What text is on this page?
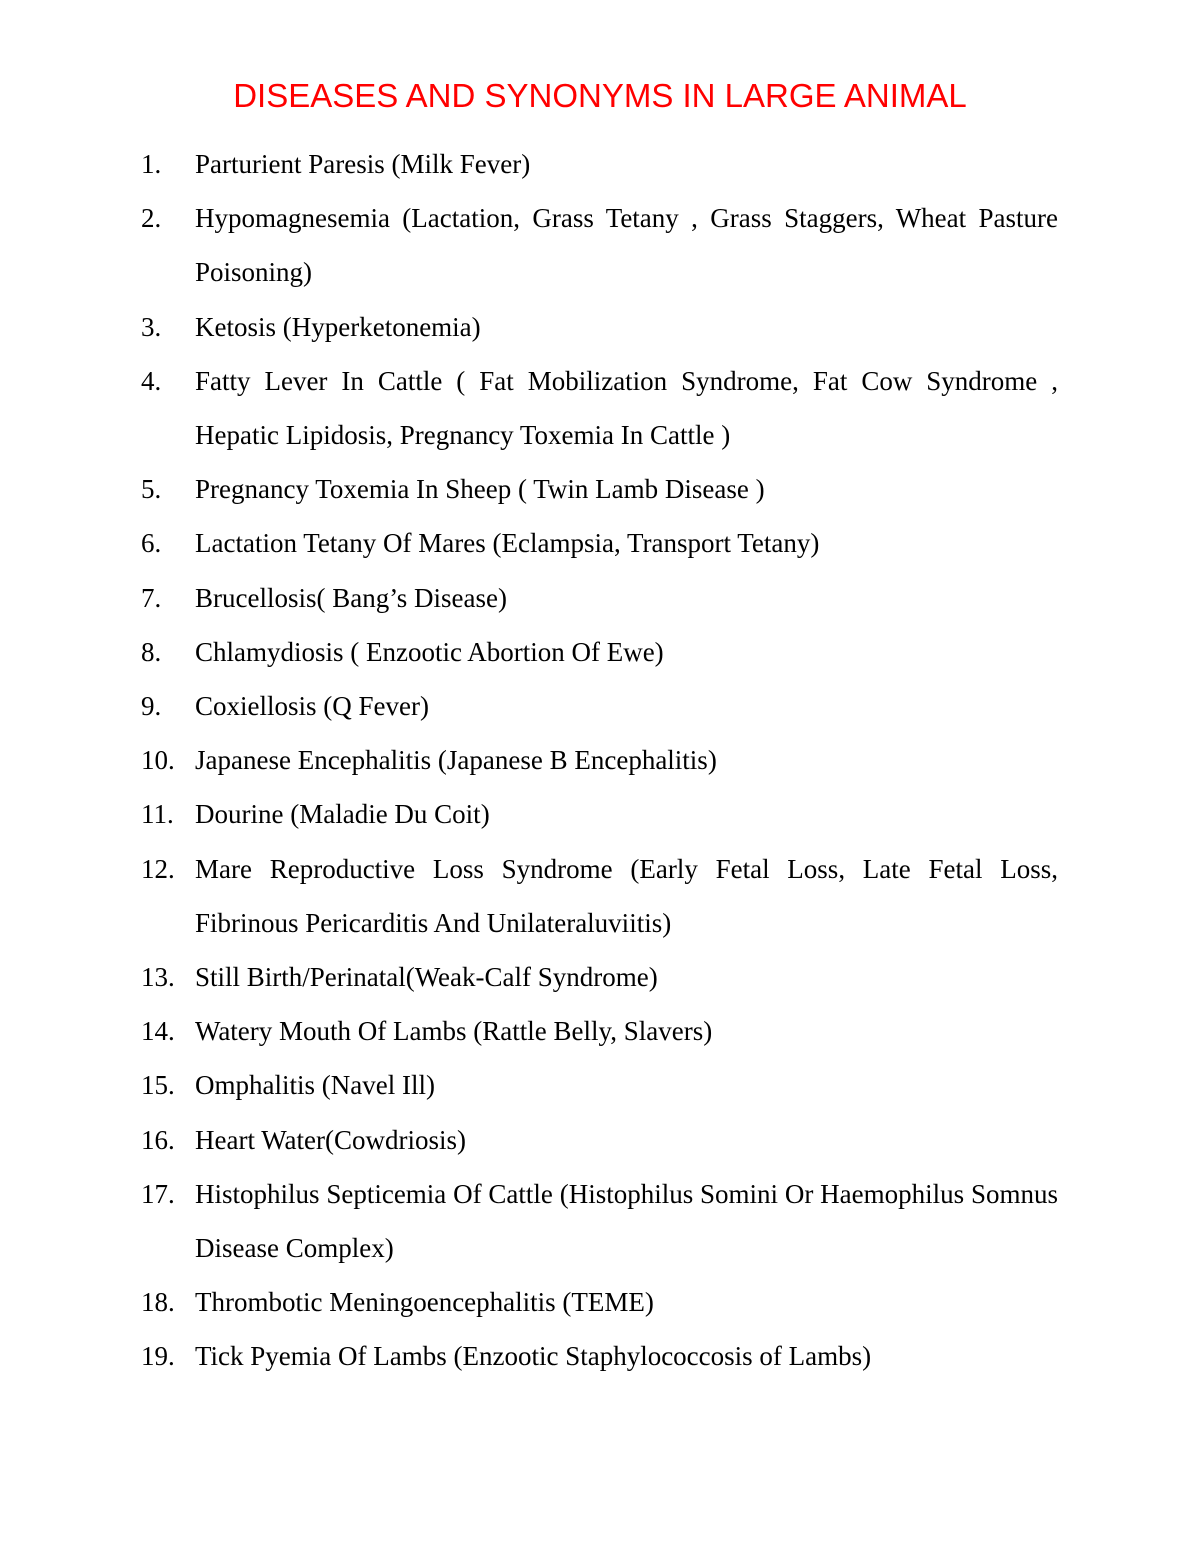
DISEASES AND SYNONYMS IN LARGE ANIMAL
1. Parturient Paresis (Milk Fever)
2. Hypomagnesemia (Lactation, Grass Tetany , Grass Staggers, Wheat Pasture Poisoning)
3. Ketosis (Hyperketonemia)
4. Fatty Lever In Cattle ( Fat Mobilization Syndrome, Fat Cow Syndrome , Hepatic Lipidosis, Pregnancy Toxemia In Cattle )
5. Pregnancy Toxemia In Sheep ( Twin Lamb Disease )
6. Lactation Tetany Of Mares (Eclampsia, Transport Tetany)
7. Brucellosis( Bang’s Disease)
8. Chlamydiosis ( Enzootic Abortion Of Ewe)
9. Coxiellosis (Q Fever)
10. Japanese Encephalitis (Japanese B Encephalitis)
11. Dourine (Maladie Du Coit)
12. Mare Reproductive Loss Syndrome (Early Fetal Loss, Late Fetal Loss, Fibrinous Pericarditis And Unilateraluviitis)
13. Still Birth/Perinatal(Weak-Calf Syndrome)
14. Watery Mouth Of Lambs (Rattle Belly, Slavers)
15. Omphalitis (Navel Ill)
16. Heart Water(Cowdriosis)
17. Histophilus Septicemia Of Cattle (Histophilus Somini Or Haemophilus Somnus Disease Complex)
18. Thrombotic Meningoencephalitis (TEME)
19. Tick Pyemia Of Lambs (Enzootic Staphylococcosis of Lambs)
